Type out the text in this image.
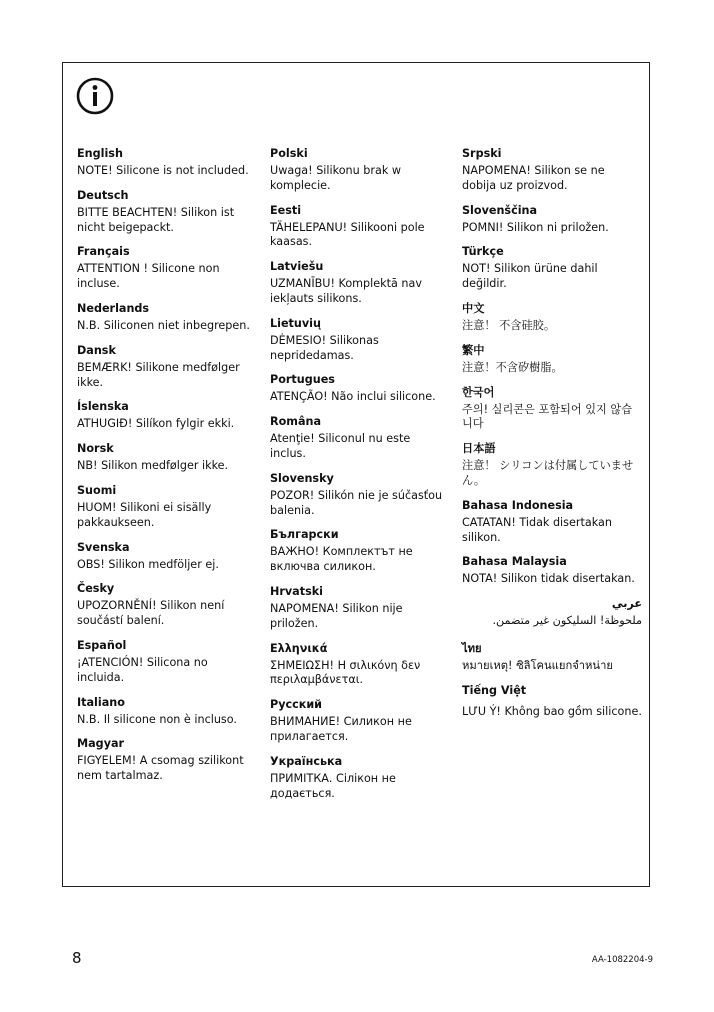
English

NOTE! Silicone is not included.

Deutsch

BITTE BEACHTEN! Silikon ist nicht beigepackt.

Français

ATTENTION ! Silicone non incluse.

Nederlands

N.B. Siliconen niet inbegrepen.

Dansk

BEMÆRK! Silikone medfølger ikke.

Íslenska

ATHUGIÐ! Silíkon fylgir ekki.

Norsk

NB! Silikon medfølger ikke.

Suomi

HUOM! Silikoni ei sisälly pakkaukseen.

Svenska

OBS! Silikon medföljer ej.

Česky

UPOZORNĚNÍ! Silikon není součástí balení.

Español

¡ATENCIÓN! Silicona no incluida.

Italiano

N.B. Il silicone non è incluso.

Magyar

FIGYELEM! A csomag szilikont nem tartalmaz.

Polski

Uwaga! Silikonu brak w komplecie.

Eesti

TÄHELEPANU! Silikooni pole kaasas.

Latviešu

UZMANĪBU! Komplektā nav iekļauts silikons.

Lietuvių

DĖMESIO! Silikonas nepridedamas.

Portugues

ATENÇÃO! Não inclui silicone.

Româna

Atenţie! Siliconul nu este inclus.

Slovensky

POZOR! Silikón nie je súčasťou balenia.

Български

ВАЖНО! Комплектът не включва силикон.

Hrvatski

NAPOMENA! Silikon nije priložen.

Ελληνικά

ΣΗΜΕΙΩΣΗ! Η σιλικόνη δεν περιλαμβάνεται.

Русский

ВНИМАНИЕ! Силикон не прилагается.

Українська

ПРИМІТКА. Сілікон не додається.

Srpski

NAPOMENA! Silikon se ne dobija uz proizvod.

Slovenščina

POMNI! Silikon ni priložen.

Türkçe

NOT! Silikon ürüne dahil değildir.

中文

注意！ 不含硅胶。

繁中

注意！不含矽樹脂。

한국어

주의! 실리콘은 포함되어 있지 않습니다

日本語

注意！ シリコンは付属していません。

Bahasa Indonesia

CATATAN! Tidak disertakan silikon.

Bahasa Malaysia

NOTA! Silikon tidak disertakan.

عربي

ملحوظة! السليكون غير متضمن.

ไทย

หมายเหตุ! ซิลิโคนแยกจำหน่าย

Tiếng Việt

LƯU Ý! Không bao gồm silicone.

8	AA-1082204-9
